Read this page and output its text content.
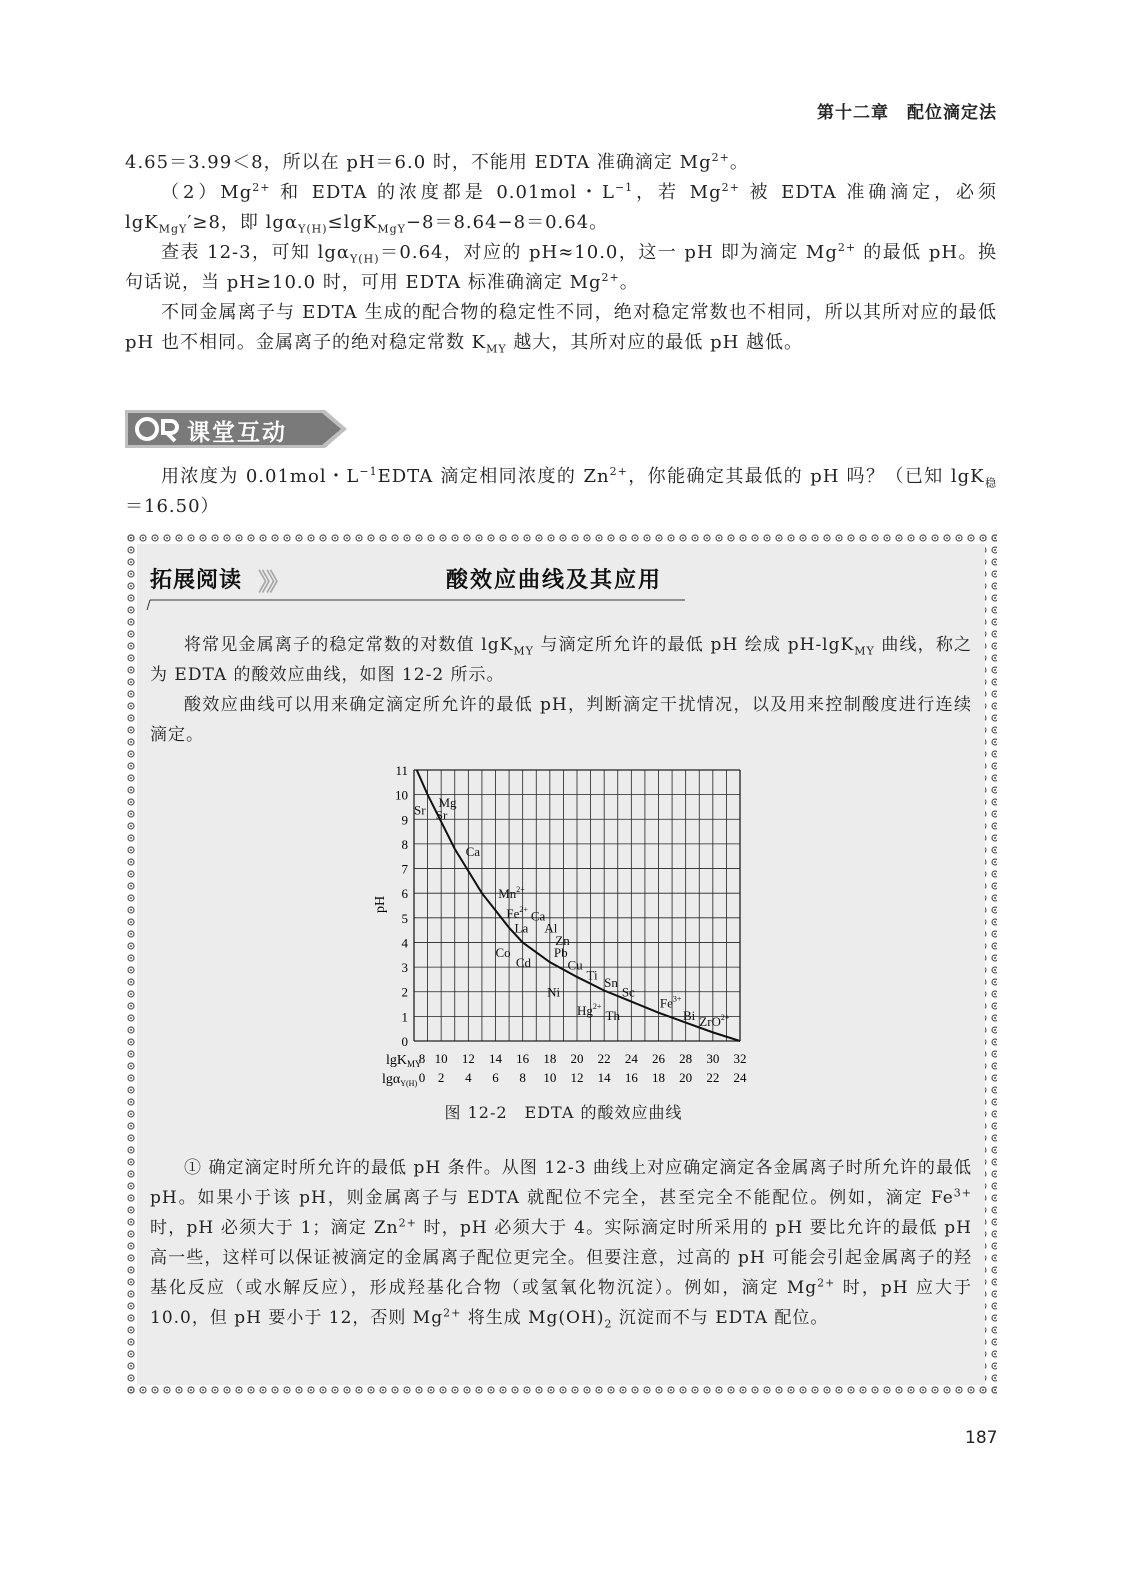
第十二章 配位滴定法

4.65＝3.99＜8，所以在 pH＝6.0 时，不能用 EDTA 准确滴定 $Mg^{2+}$。

$(2)Mg^{2+}$ 和 EDTA 的浓度都是 0.01mol・$L^{-1}$，若 $Mg^{2+}$ 被 EDTA 准确滴定，必须 lgK$_{MgY}$′≥8，即 lgα$_{Y(H)}$≤lgK$_{MgY}$−8＝8.64−8＝0.64。

查表 12-3，可知 lgα$_{Y(H)}$＝0.64，对应的 pH≈10.0，这一 pH 即为滴定 $Mg^{2+}$ 的最低 pH。换句话说，当 pH≥10.0 时，可用 EDTA 标准确滴定 $Mg^{2+}$。

不同金属离子与 EDTA 生成的配合物的稳定性不同，绝对稳定常数也不相同，所以其所对应的最低 pH 也不相同。金属离子的绝对稳定常数 $K_{MY}$ 越大，其所对应的最低 pH 越低。

课堂互动

用浓度为 0.01mol・$L^{-1}EDTA$ 滴定相同浓度的 $Zn^{2+}$，你能确定其最低的 pH 吗？（已知 lgK$_稳$＝16.50）

拓展阅读 》》	酸效应曲线及其应用

将常见金属离子的稳定常数的对数值 lgK$_{MY}$ 与滴定所允许的最低 pH 绘成 pH-lgK$_{MY}$ 曲线，称之为 EDTA 的酸效应曲线，如图 12-2 所示。

酸效应曲线可以用来确定滴定所允许的最低 pH，判断滴定干扰情况，以及用来控制酸度进行连续滴定。

0
1
2
3
4
5
6
7
8
9
10
11
8 10 12 14 16 18 20 22 24 26 28 30 32
0 2 4 6 8 10 12 14 16 18 20 22 24
Sr Mg
Sr
Ca
$Mn^{2+}$
$Fe^{2+}$ Ca
Al
La
Zn
Co	Pb
Cd	Cu
Ti Sn
Ni	Sc
$Fe^{3+}$
$Hg^{2+}$
Th	Bi ZrO$^{2+}$
pH
lgK$_{MY}$
lgα$_{Y(H)}$
图 12-2　EDTA 的酸效应曲线

① 确定滴定时所允许的最低 pH 条件。从图 12-3 曲线上对应确定滴定各金属离子时所允许的最低 pH。如果小于该 pH，则金属离子与 EDTA 就配位不完全，甚至完全不能配位。例如，滴定 $Fe^{3+}$ 时，pH 必须大于 1；滴定 $Zn^{2+}$ 时，pH 必须大于 4。实际滴定时所采用的 pH 要比允许的最低 pH 高一些，这样可以保证被滴定的金属离子配位更完全。但要注意，过高的 pH 可能会引起金属离子的羟基化反应（或水解反应），形成羟基化合物（或氢氧化物沉淀）。例如，滴定 $Mg^{2+}$ 时，pH 应大于 10.0，但 pH 要小于 12，否则 $Mg^{2+}$ 将生成 $Mg(OH)_2$ 沉淀而不与 EDTA 配位。

187
